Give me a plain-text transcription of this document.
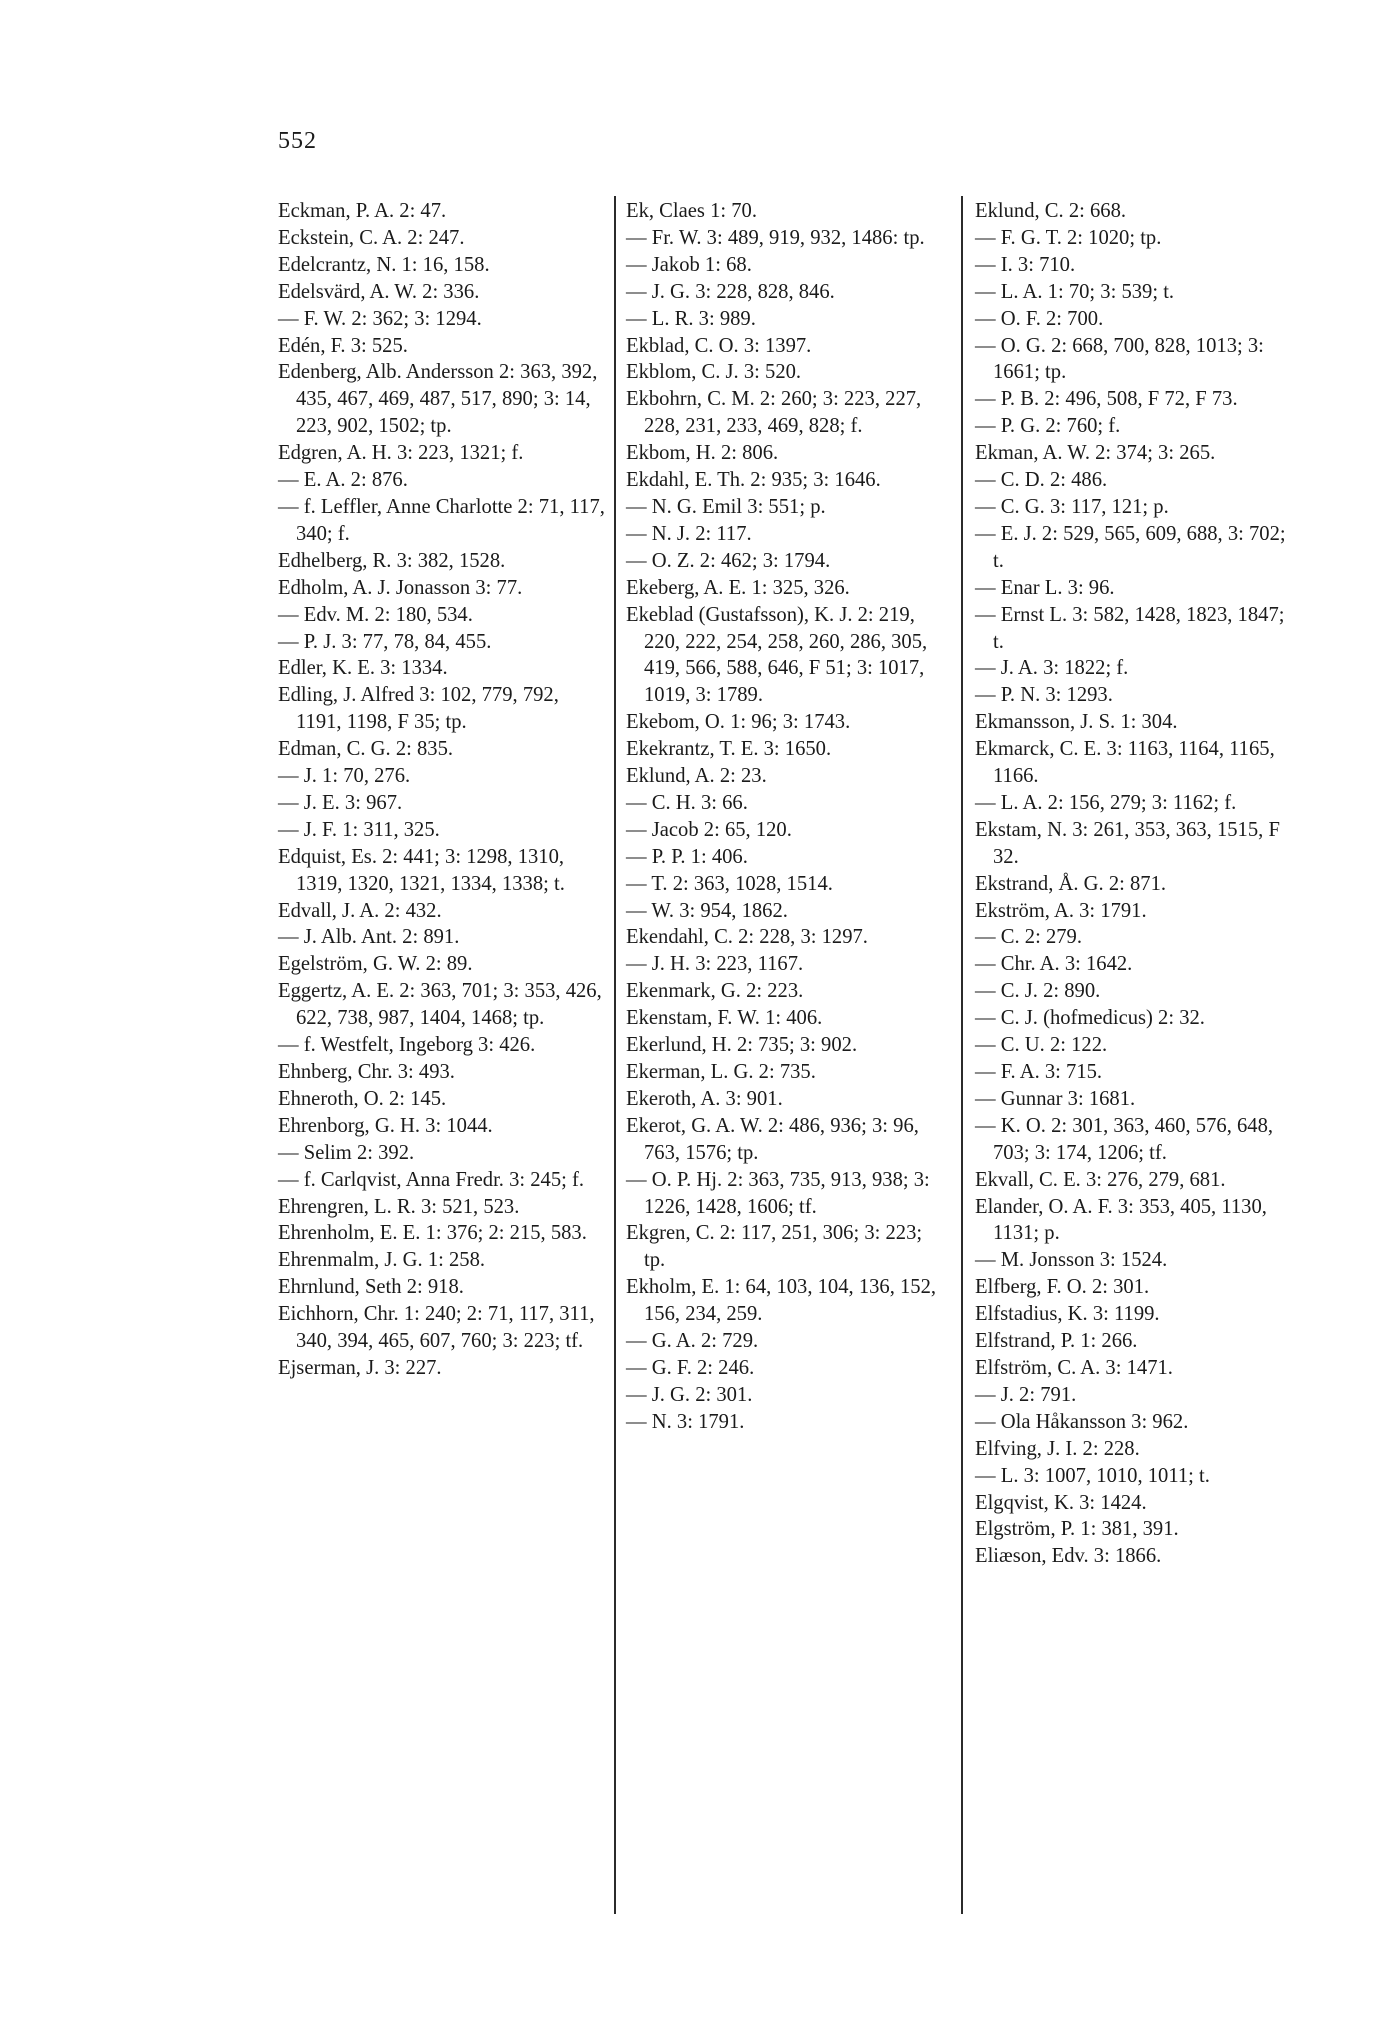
552

Eckman, P. A. 2: 47.

Eckstein, C. A. 2: 247.

Edelcrantz, N. 1: 16, 158.

Edelsvärd, A. W. 2: 336.

— F. W. 2: 362; 3: 1294.

Edén, F. 3: 525.

Edenberg, Alb. Andersson 2: 363, 392, 435, 467, 469, 487, 517, 890; 3: 14, 223, 902, 1502; tp.

Edgren, A. H. 3: 223, 1321; f.

— E. A. 2: 876.

— f. Leffler, Anne Charlotte 2: 71, 117, 340; f.

Edhelberg, R. 3: 382, 1528.

Edholm, A. J. Jonasson 3: 77.

— Edv. M. 2: 180, 534.

— P. J. 3: 77, 78, 84, 455.

Edler, K. E. 3: 1334.

Edling, J. Alfred 3: 102, 779, 792, 1191, 1198, F 35; tp.

Edman, C. G. 2: 835.

— J. 1: 70, 276.

— J. E. 3: 967.

— J. F. 1: 311, 325.

Edquist, Es. 2: 441; 3: 1298, 1310, 1319, 1320, 1321, 1334, 1338; t.

Edvall, J. A. 2: 432.

— J. Alb. Ant. 2: 891.

Egelström, G. W. 2: 89.

Eggertz, A. E. 2: 363, 701; 3: 353, 426, 622, 738, 987, 1404, 1468; tp.

— f. Westfelt, Ingeborg 3: 426.

Ehnberg, Chr. 3: 493.

Ehneroth, O. 2: 145.

Ehrenborg, G. H. 3: 1044.

— Selim 2: 392.

— f. Carlqvist, Anna Fredr. 3: 245; f.

Ehrengren, L. R. 3: 521, 523.

Ehrenholm, E. E. 1: 376; 2: 215, 583.

Ehrenmalm, J. G. 1: 258.

Ehrnlund, Seth 2: 918.

Eichhorn, Chr. 1: 240; 2: 71, 117, 311, 340, 394, 465, 607, 760; 3: 223; tf.

Ejserman, J. 3: 227.

Ek, Claes 1: 70.

— Fr. W. 3: 489, 919, 932, 1486: tp.

— Jakob 1: 68.

— J. G. 3: 228, 828, 846.

— L. R. 3: 989.

Ekblad, C. O. 3: 1397.

Ekblom, C. J. 3: 520.

Ekbohrn, C. M. 2: 260; 3: 223, 227, 228, 231, 233, 469, 828; f.

Ekbom, H. 2: 806.

Ekdahl, E. Th. 2: 935; 3: 1646.

— N. G. Emil 3: 551; p.

— N. J. 2: 117.

— O. Z. 2: 462; 3: 1794.

Ekeberg, A. E. 1: 325, 326.

Ekeblad (Gustafsson), K. J. 2: 219, 220, 222, 254, 258, 260, 286, 305, 419, 566, 588, 646, F 51; 3: 1017, 1019, 3: 1789.

Ekebom, O. 1: 96; 3: 1743.

Ekekrantz, T. E. 3: 1650.

Eklund, A. 2: 23.

— C. H. 3: 66.

— Jacob 2: 65, 120.

— P. P. 1: 406.

— T. 2: 363, 1028, 1514.

— W. 3: 954, 1862.

Ekendahl, C. 2: 228, 3: 1297.

— J. H. 3: 223, 1167.

Ekenmark, G. 2: 223.

Ekenstam, F. W. 1: 406.

Ekerlund, H. 2: 735; 3: 902.

Ekerman, L. G. 2: 735.

Ekeroth, A. 3: 901.

Ekerot, G. A. W. 2: 486, 936; 3: 96, 763, 1576; tp.

— O. P. Hj. 2: 363, 735, 913, 938; 3: 1226, 1428, 1606; tf.

Ekgren, C. 2: 117, 251, 306; 3: 223; tp.

Ekholm, E. 1: 64, 103, 104, 136, 152, 156, 234, 259.

— G. A. 2: 729.

— G. F. 2: 246.

— J. G. 2: 301.

— N. 3: 1791.

Eklund, C. 2: 668.

— F. G. T. 2: 1020; tp.

— I. 3: 710.

— L. A. 1: 70; 3: 539; t.

— O. F. 2: 700.

— O. G. 2: 668, 700, 828, 1013; 3: 1661; tp.

— P. B. 2: 496, 508, F 72, F 73.

— P. G. 2: 760; f.

Ekman, A. W. 2: 374; 3: 265.

— C. D. 2: 486.

— C. G. 3: 117, 121; p.

— E. J. 2: 529, 565, 609, 688, 3: 702; t.

— Enar L. 3: 96.

— Ernst L. 3: 582, 1428, 1823, 1847; t.

— J. A. 3: 1822; f.

— P. N. 3: 1293.

Ekmansson, J. S. 1: 304.

Ekmarck, C. E. 3: 1163, 1164, 1165, 1166.

— L. A. 2: 156, 279; 3: 1162; f.

Ekstam, N. 3: 261, 353, 363, 1515, F 32.

Ekstrand, Å. G. 2: 871.

Ekström, A. 3: 1791.

— C. 2: 279.

— Chr. A. 3: 1642.

— C. J. 2: 890.

— C. J. (hofmedicus) 2: 32.

— C. U. 2: 122.

— F. A. 3: 715.

— Gunnar 3: 1681.

— K. O. 2: 301, 363, 460, 576, 648, 703; 3: 174, 1206; tf.

Ekvall, C. E. 3: 276, 279, 681.

Elander, O. A. F. 3: 353, 405, 1130, 1131; p.

— M. Jonsson 3: 1524.

Elfberg, F. O. 2: 301.

Elfstadius, K. 3: 1199.

Elfstrand, P. 1: 266.

Elfström, C. A. 3: 1471.

— J. 2: 791.

— Ola Håkansson 3: 962.

Elfving, J. I. 2: 228.

— L. 3: 1007, 1010, 1011; t.

Elgqvist, K. 3: 1424.

Elgström, P. 1: 381, 391.

Eliæson, Edv. 3: 1866.
